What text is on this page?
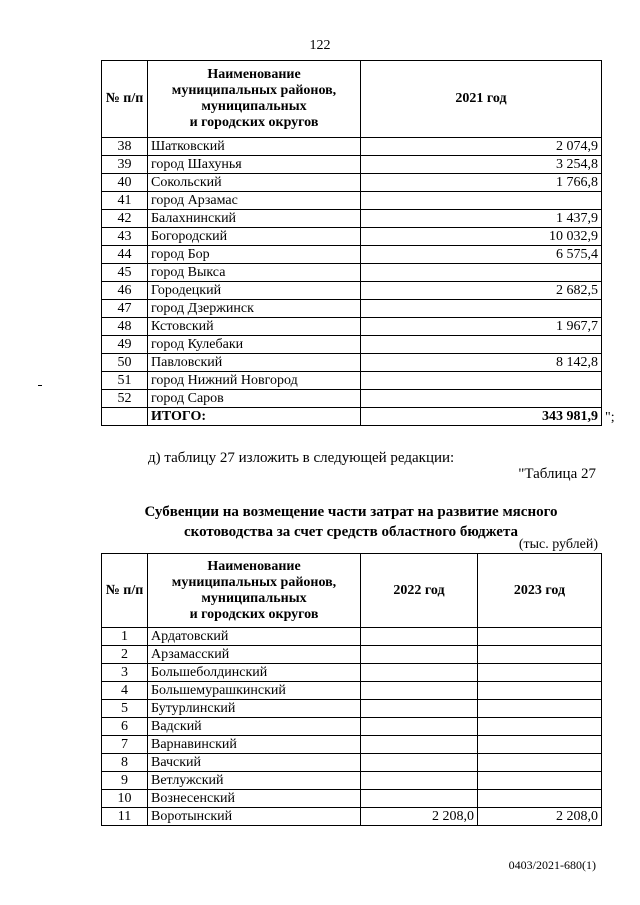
122
№ п/п	Наименование
муниципальных районов,
муниципальных
и городских округов	2021 год
38	Шатковский	2 074,9
39	город Шахунья	3 254,8
40	Сокольский	1 766,8
41	город Арзамас	
42	Балахнинский	1 437,9
43	Богородский	10 032,9
44	город Бор	6 575,4
45	город Выкса	
46	Городецкий	2 682,5
47	город Дзержинск	
48	Кстовский	1 967,7
49	город Кулебаки	
50	Павловский	8 142,8
51	город Нижний Новгород	
52	город Саров	
	ИТОГО:	343 981,9 ";
д) таблицу 27 изложить в следующей редакции:
"Таблица 27
Субвенции на возмещение части затрат на развитие мясного
скотоводства за счет средств областного бюджета
(тыс. рублей)
№ п/п	Наименование
муниципальных районов,
муниципальных
и городских округов	2022 год	2023 год
1	Ардатовский		
2	Арзамасский		
3	Большеболдинский		
4	Большемурашкинский		
5	Бутурлинский		
6	Вадский		
7	Варнавинский		
8	Вачский		
9	Ветлужский		
10	Вознесенский		
11	Воротынский	2 208,0	2 208,0
0403/2021-680(1)
